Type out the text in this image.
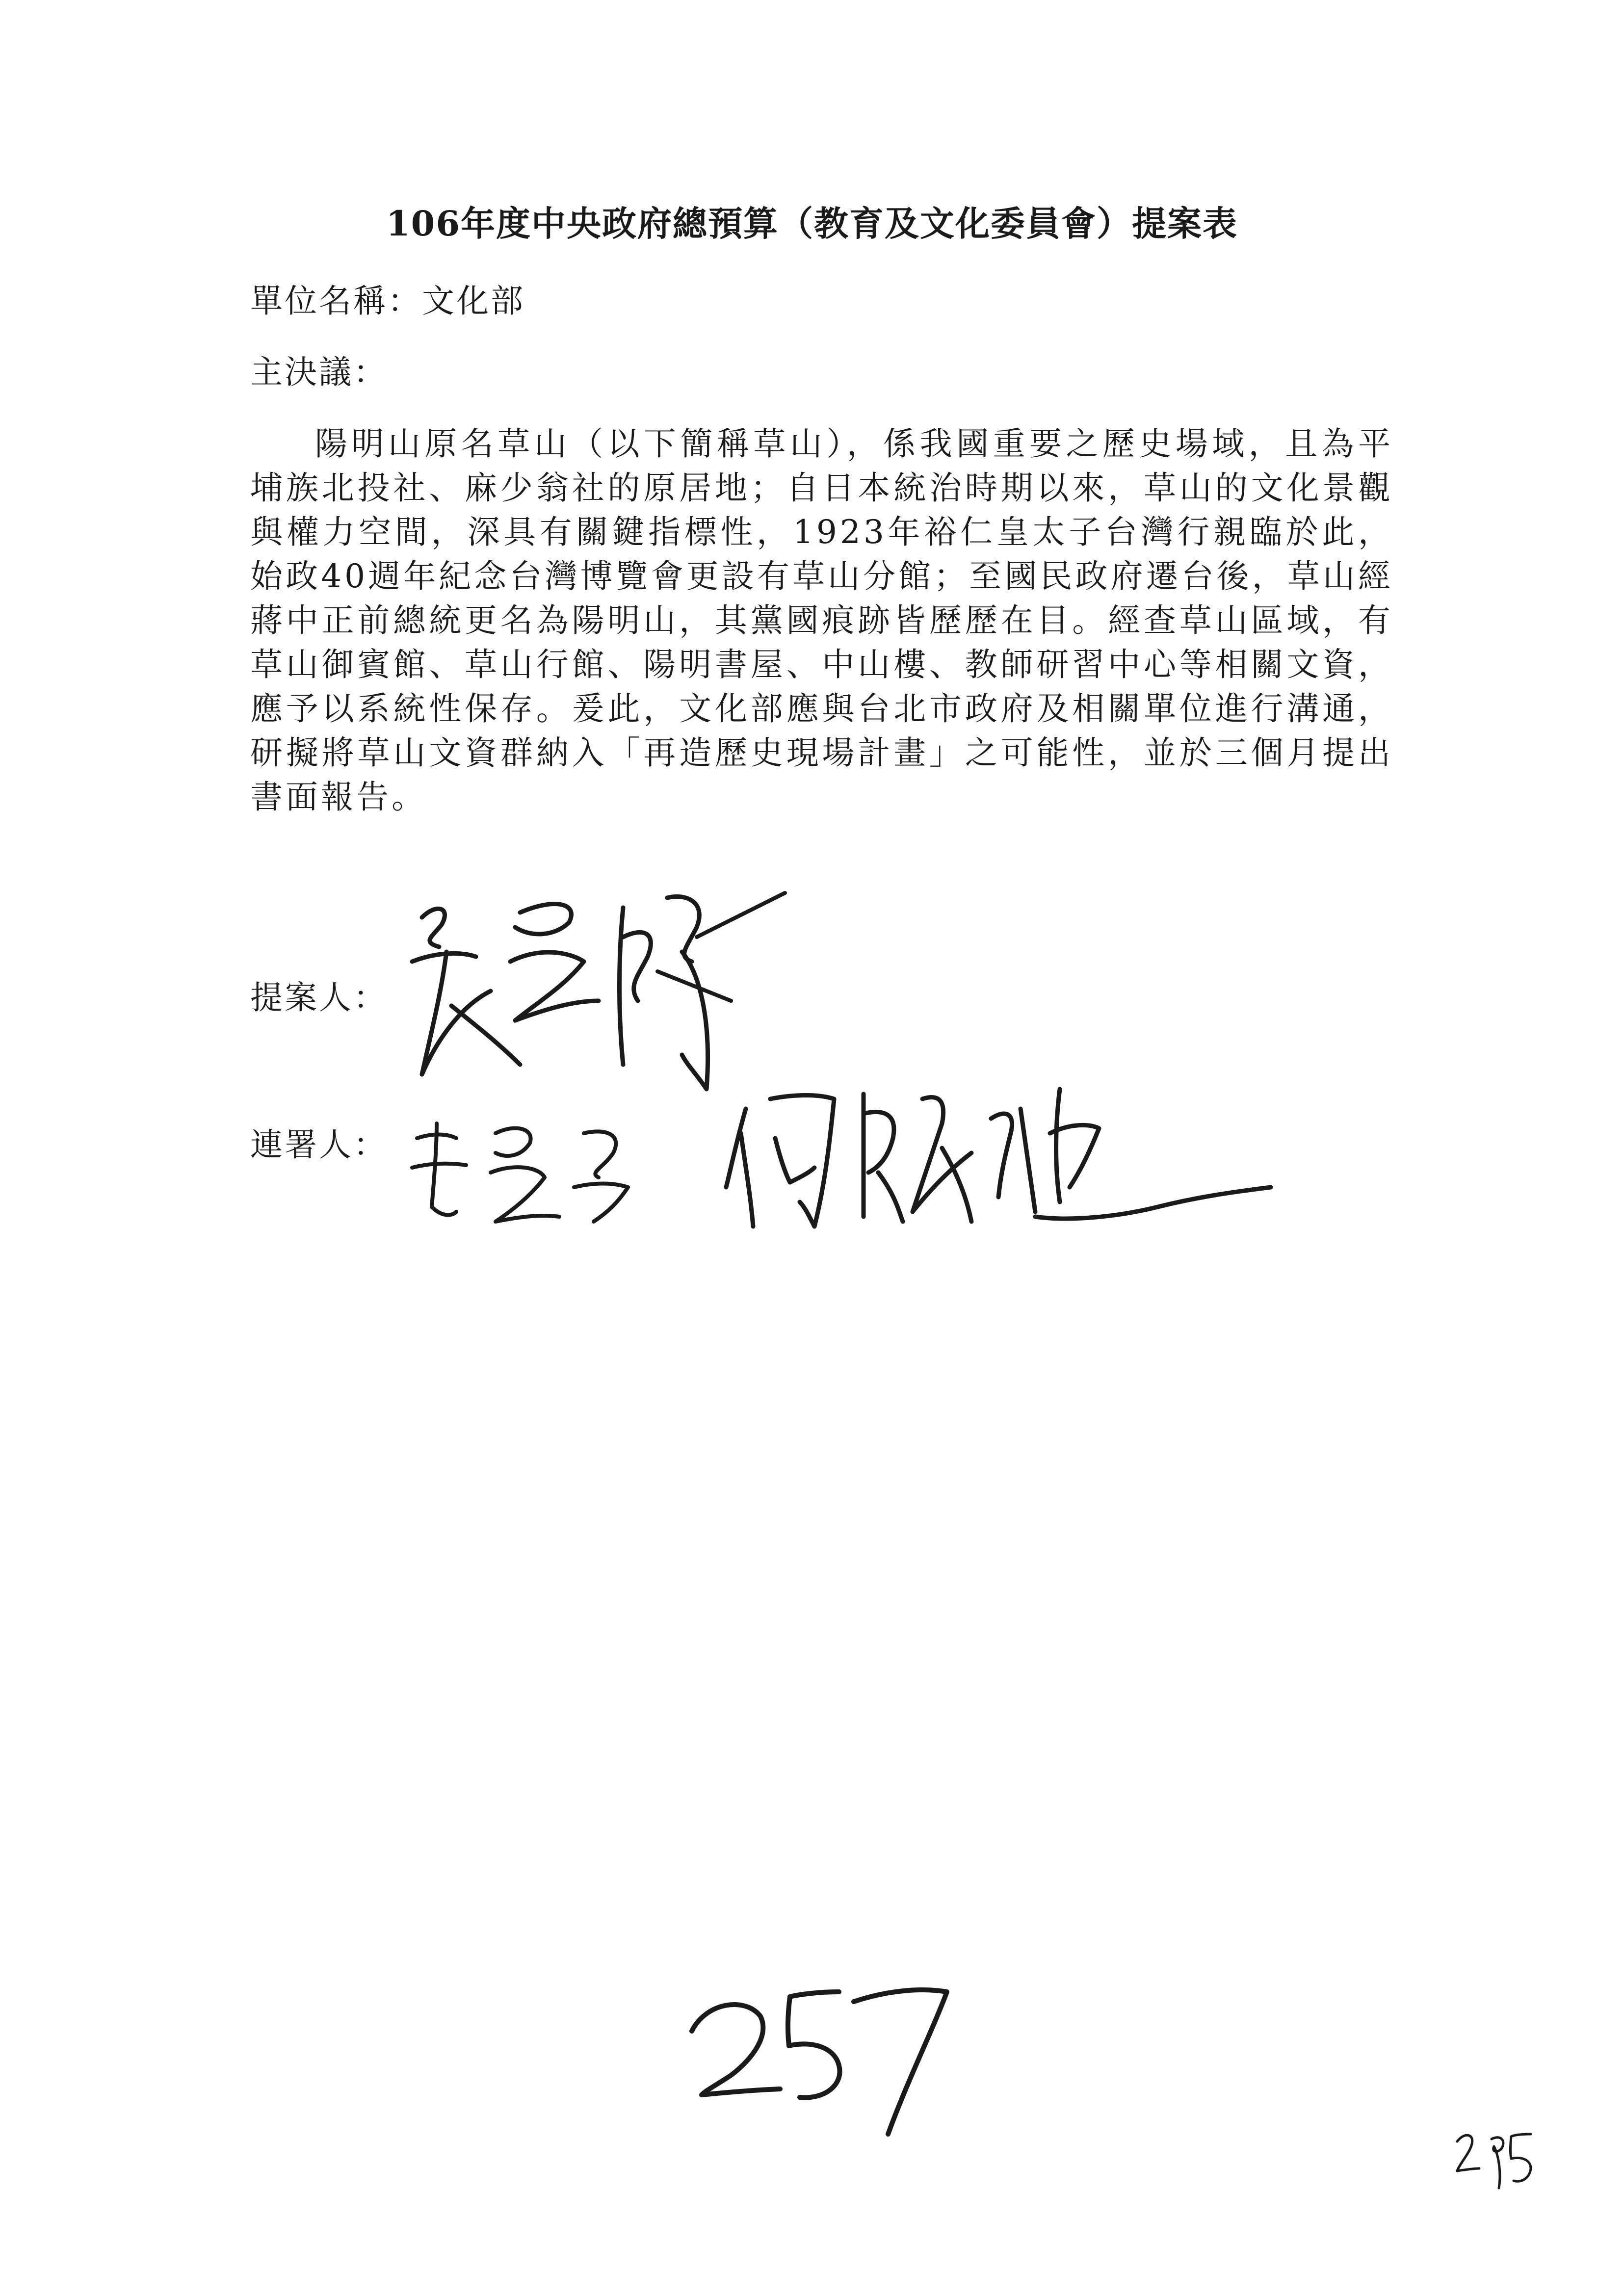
106年度中央政府總預算（教育及文化委員會）提案表
單位名稱：文化部
主決議：
陽明山原名草山（以下簡稱草山），係我國重要之歷史場域，且為平埔族北投社、麻少翁社的原居地；自日本統治時期以來，草山的文化景觀與權力空間，深具有關鍵指標性，1923年裕仁皇太子台灣行親臨於此，始政40週年紀念台灣博覽會更設有草山分館；至國民政府遷台後，草山經蔣中正前總統更名為陽明山，其黨國痕跡皆歷歷在目。經查草山區域，有草山御賓館、草山行館、陽明書屋、中山樓、教師研習中心等相關文資，應予以系統性保存。爰此，文化部應與台北市政府及相關單位進行溝通，研擬將草山文資群納入「再造歷史現場計畫」之可能性，並於三個月提出書面報告。
提案人：
連署人：
